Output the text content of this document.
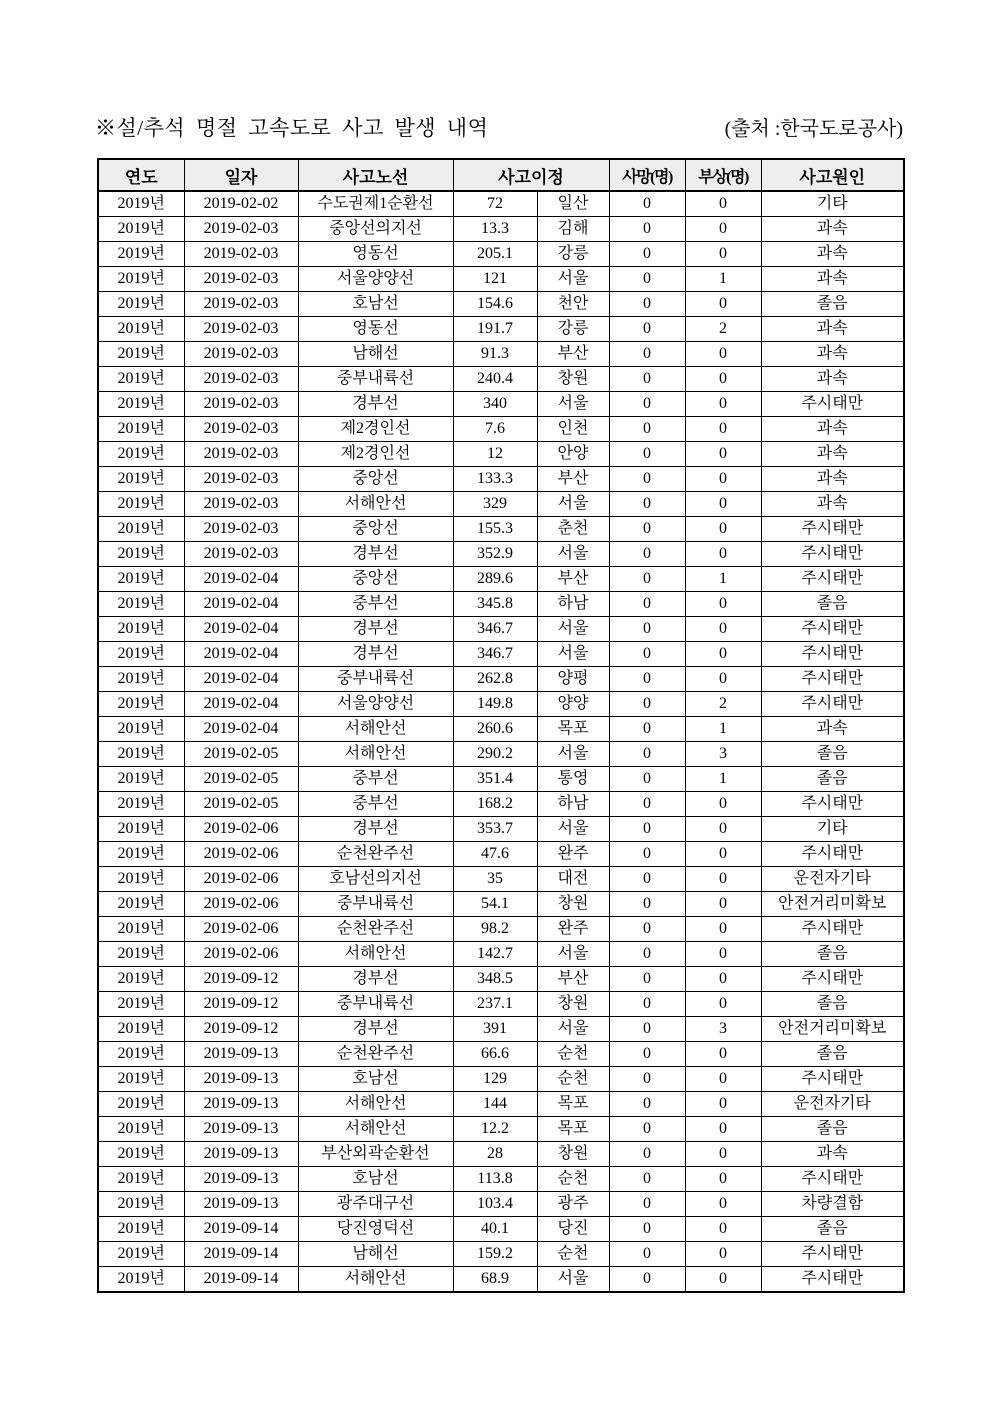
※설/추석 명절 고속도로 사고 발생 내역	(출처 :한국도로공사)
연도	일자	사고노선	사고이정		사망(명)	부상(명)	사고원인
2019년	2019-02-02	수도권제1순환선	72	일산	0	0	기타
2019년	2019-02-03	중앙선의지선	13.3	김해	0	0	과속
2019년	2019-02-03	영동선	205.1	강릉	0	0	과속
2019년	2019-02-03	서울양양선	121	서울	0	1	과속
2019년	2019-02-03	호남선	154.6	천안	0	0	졸음
2019년	2019-02-03	영동선	191.7	강릉	0	2	과속
2019년	2019-02-03	남해선	91.3	부산	0	0	과속
2019년	2019-02-03	중부내륙선	240.4	창원	0	0	과속
2019년	2019-02-03	경부선	340	서울	0	0	주시태만
2019년	2019-02-03	제2경인선	7.6	인천	0	0	과속
2019년	2019-02-03	제2경인선	12	안양	0	0	과속
2019년	2019-02-03	중앙선	133.3	부산	0	0	과속
2019년	2019-02-03	서해안선	329	서울	0	0	과속
2019년	2019-02-03	중앙선	155.3	춘천	0	0	주시태만
2019년	2019-02-03	경부선	352.9	서울	0	0	주시태만
2019년	2019-02-04	중앙선	289.6	부산	0	1	주시태만
2019년	2019-02-04	중부선	345.8	하남	0	0	졸음
2019년	2019-02-04	경부선	346.7	서울	0	0	주시태만
2019년	2019-02-04	경부선	346.7	서울	0	0	주시태만
2019년	2019-02-04	중부내륙선	262.8	양평	0	0	주시태만
2019년	2019-02-04	서울양양선	149.8	양양	0	2	주시태만
2019년	2019-02-04	서해안선	260.6	목포	0	1	과속
2019년	2019-02-05	서해안선	290.2	서울	0	3	졸음
2019년	2019-02-05	중부선	351.4	통영	0	1	졸음
2019년	2019-02-05	중부선	168.2	하남	0	0	주시태만
2019년	2019-02-06	경부선	353.7	서울	0	0	기타
2019년	2019-02-06	순천완주선	47.6	완주	0	0	주시태만
2019년	2019-02-06	호남선의지선	35	대전	0	0	운전자기타
2019년	2019-02-06	중부내륙선	54.1	창원	0	0	안전거리미확보
2019년	2019-02-06	순천완주선	98.2	완주	0	0	주시태만
2019년	2019-02-06	서해안선	142.7	서울	0	0	졸음
2019년	2019-09-12	경부선	348.5	부산	0	0	주시태만
2019년	2019-09-12	중부내륙선	237.1	창원	0	0	졸음
2019년	2019-09-12	경부선	391	서울	0	3	안전거리미확보
2019년	2019-09-13	순천완주선	66.6	순천	0	0	졸음
2019년	2019-09-13	호남선	129	순천	0	0	주시태만
2019년	2019-09-13	서해안선	144	목포	0	0	운전자기타
2019년	2019-09-13	서해안선	12.2	목포	0	0	졸음
2019년	2019-09-13	부산외곽순환선	28	창원	0	0	과속
2019년	2019-09-13	호남선	113.8	순천	0	0	주시태만
2019년	2019-09-13	광주대구선	103.4	광주	0	0	차량결함
2019년	2019-09-14	당진영덕선	40.1	당진	0	0	졸음
2019년	2019-09-14	남해선	159.2	순천	0	0	주시태만
2019년	2019-09-14	서해안선	68.9	서울	0	0	주시태만
